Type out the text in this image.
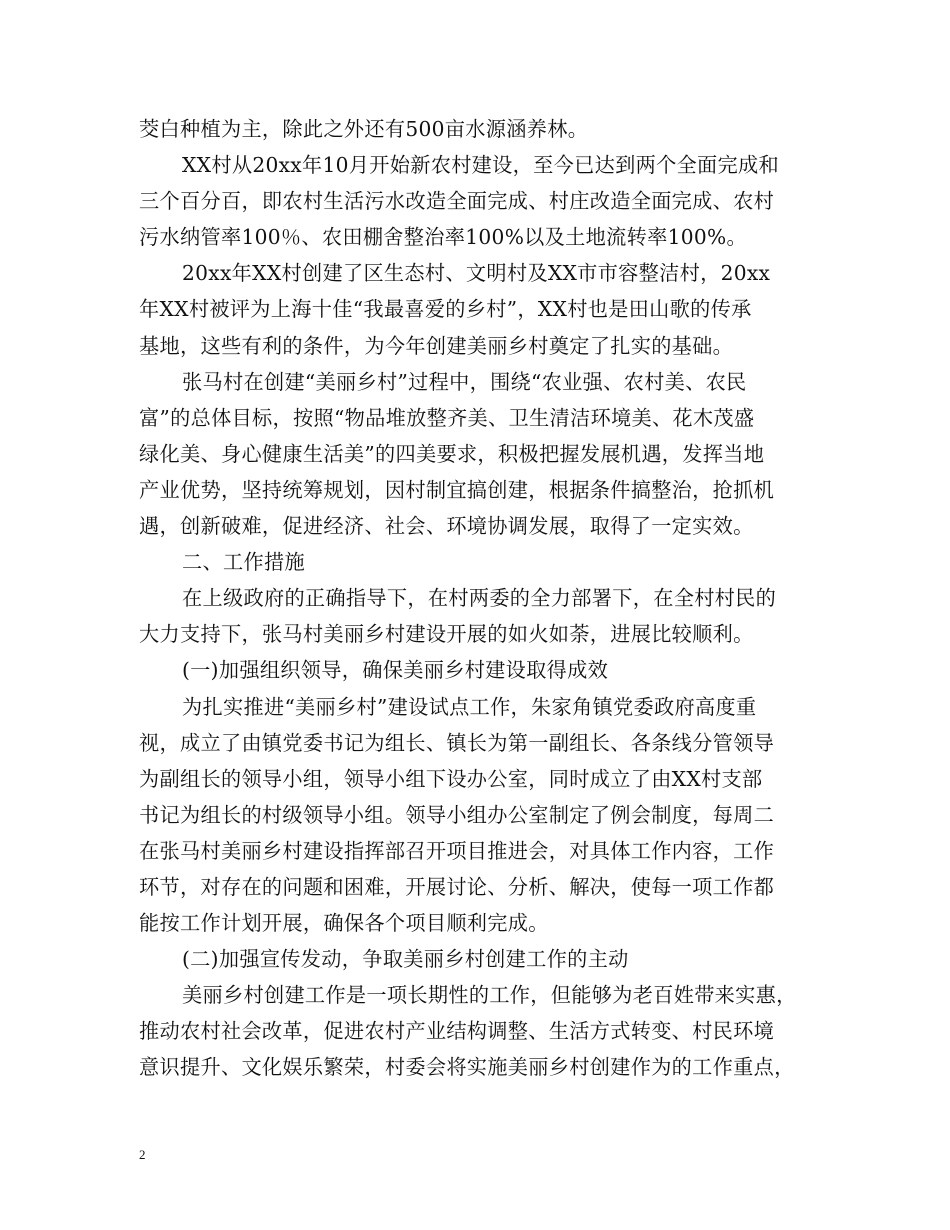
茭白种植为主，除此之外还有500亩水源涵养林。
XX村从20xx年10月开始新农村建设，至今已达到两个全面完成和
三个百分百，即农村生活污水改造全面完成、村庄改造全面完成、农村
污水纳管率100％、农田棚舍整治率100%以及土地流转率100%。
20xx年XX村创建了区生态村、文明村及XX市市容整洁村，20xx
年XX村被评为上海十佳“我最喜爱的乡村”，XX村也是田山歌的传承
基地，这些有利的条件，为今年创建美丽乡村奠定了扎实的基础。
张马村在创建“美丽乡村”过程中，围绕“农业强、农村美、农民
富”的总体目标，按照“物品堆放整齐美、卫生清洁环境美、花木茂盛
绿化美、身心健康生活美”的四美要求，积极把握发展机遇，发挥当地
产业优势，坚持统筹规划，因村制宜搞创建，根据条件搞整治，抢抓机
遇，创新破难，促进经济、社会、环境协调发展，取得了一定实效。
二、工作措施
在上级政府的正确指导下，在村两委的全力部署下，在全村村民的
大力支持下，张马村美丽乡村建设开展的如火如荼，进展比较顺利。
(一)加强组织领导，确保美丽乡村建设取得成效
为扎实推进“美丽乡村”建设试点工作，朱家角镇党委政府高度重
视，成立了由镇党委书记为组长、镇长为第一副组长、各条线分管领导
为副组长的领导小组，领导小组下设办公室，同时成立了由XX村支部
书记为组长的村级领导小组。领导小组办公室制定了例会制度，每周二
在张马村美丽乡村建设指挥部召开项目推进会，对具体工作内容，工作
环节，对存在的问题和困难，开展讨论、分析、解决，使每一项工作都
能按工作计划开展，确保各个项目顺利完成。
(二)加强宣传发动，争取美丽乡村创建工作的主动
美丽乡村创建工作是一项长期性的工作，但能够为老百姓带来实惠，
推动农村社会改革，促进农村产业结构调整、生活方式转变、村民环境
意识提升、文化娱乐繁荣，村委会将实施美丽乡村创建作为的工作重点，
2
